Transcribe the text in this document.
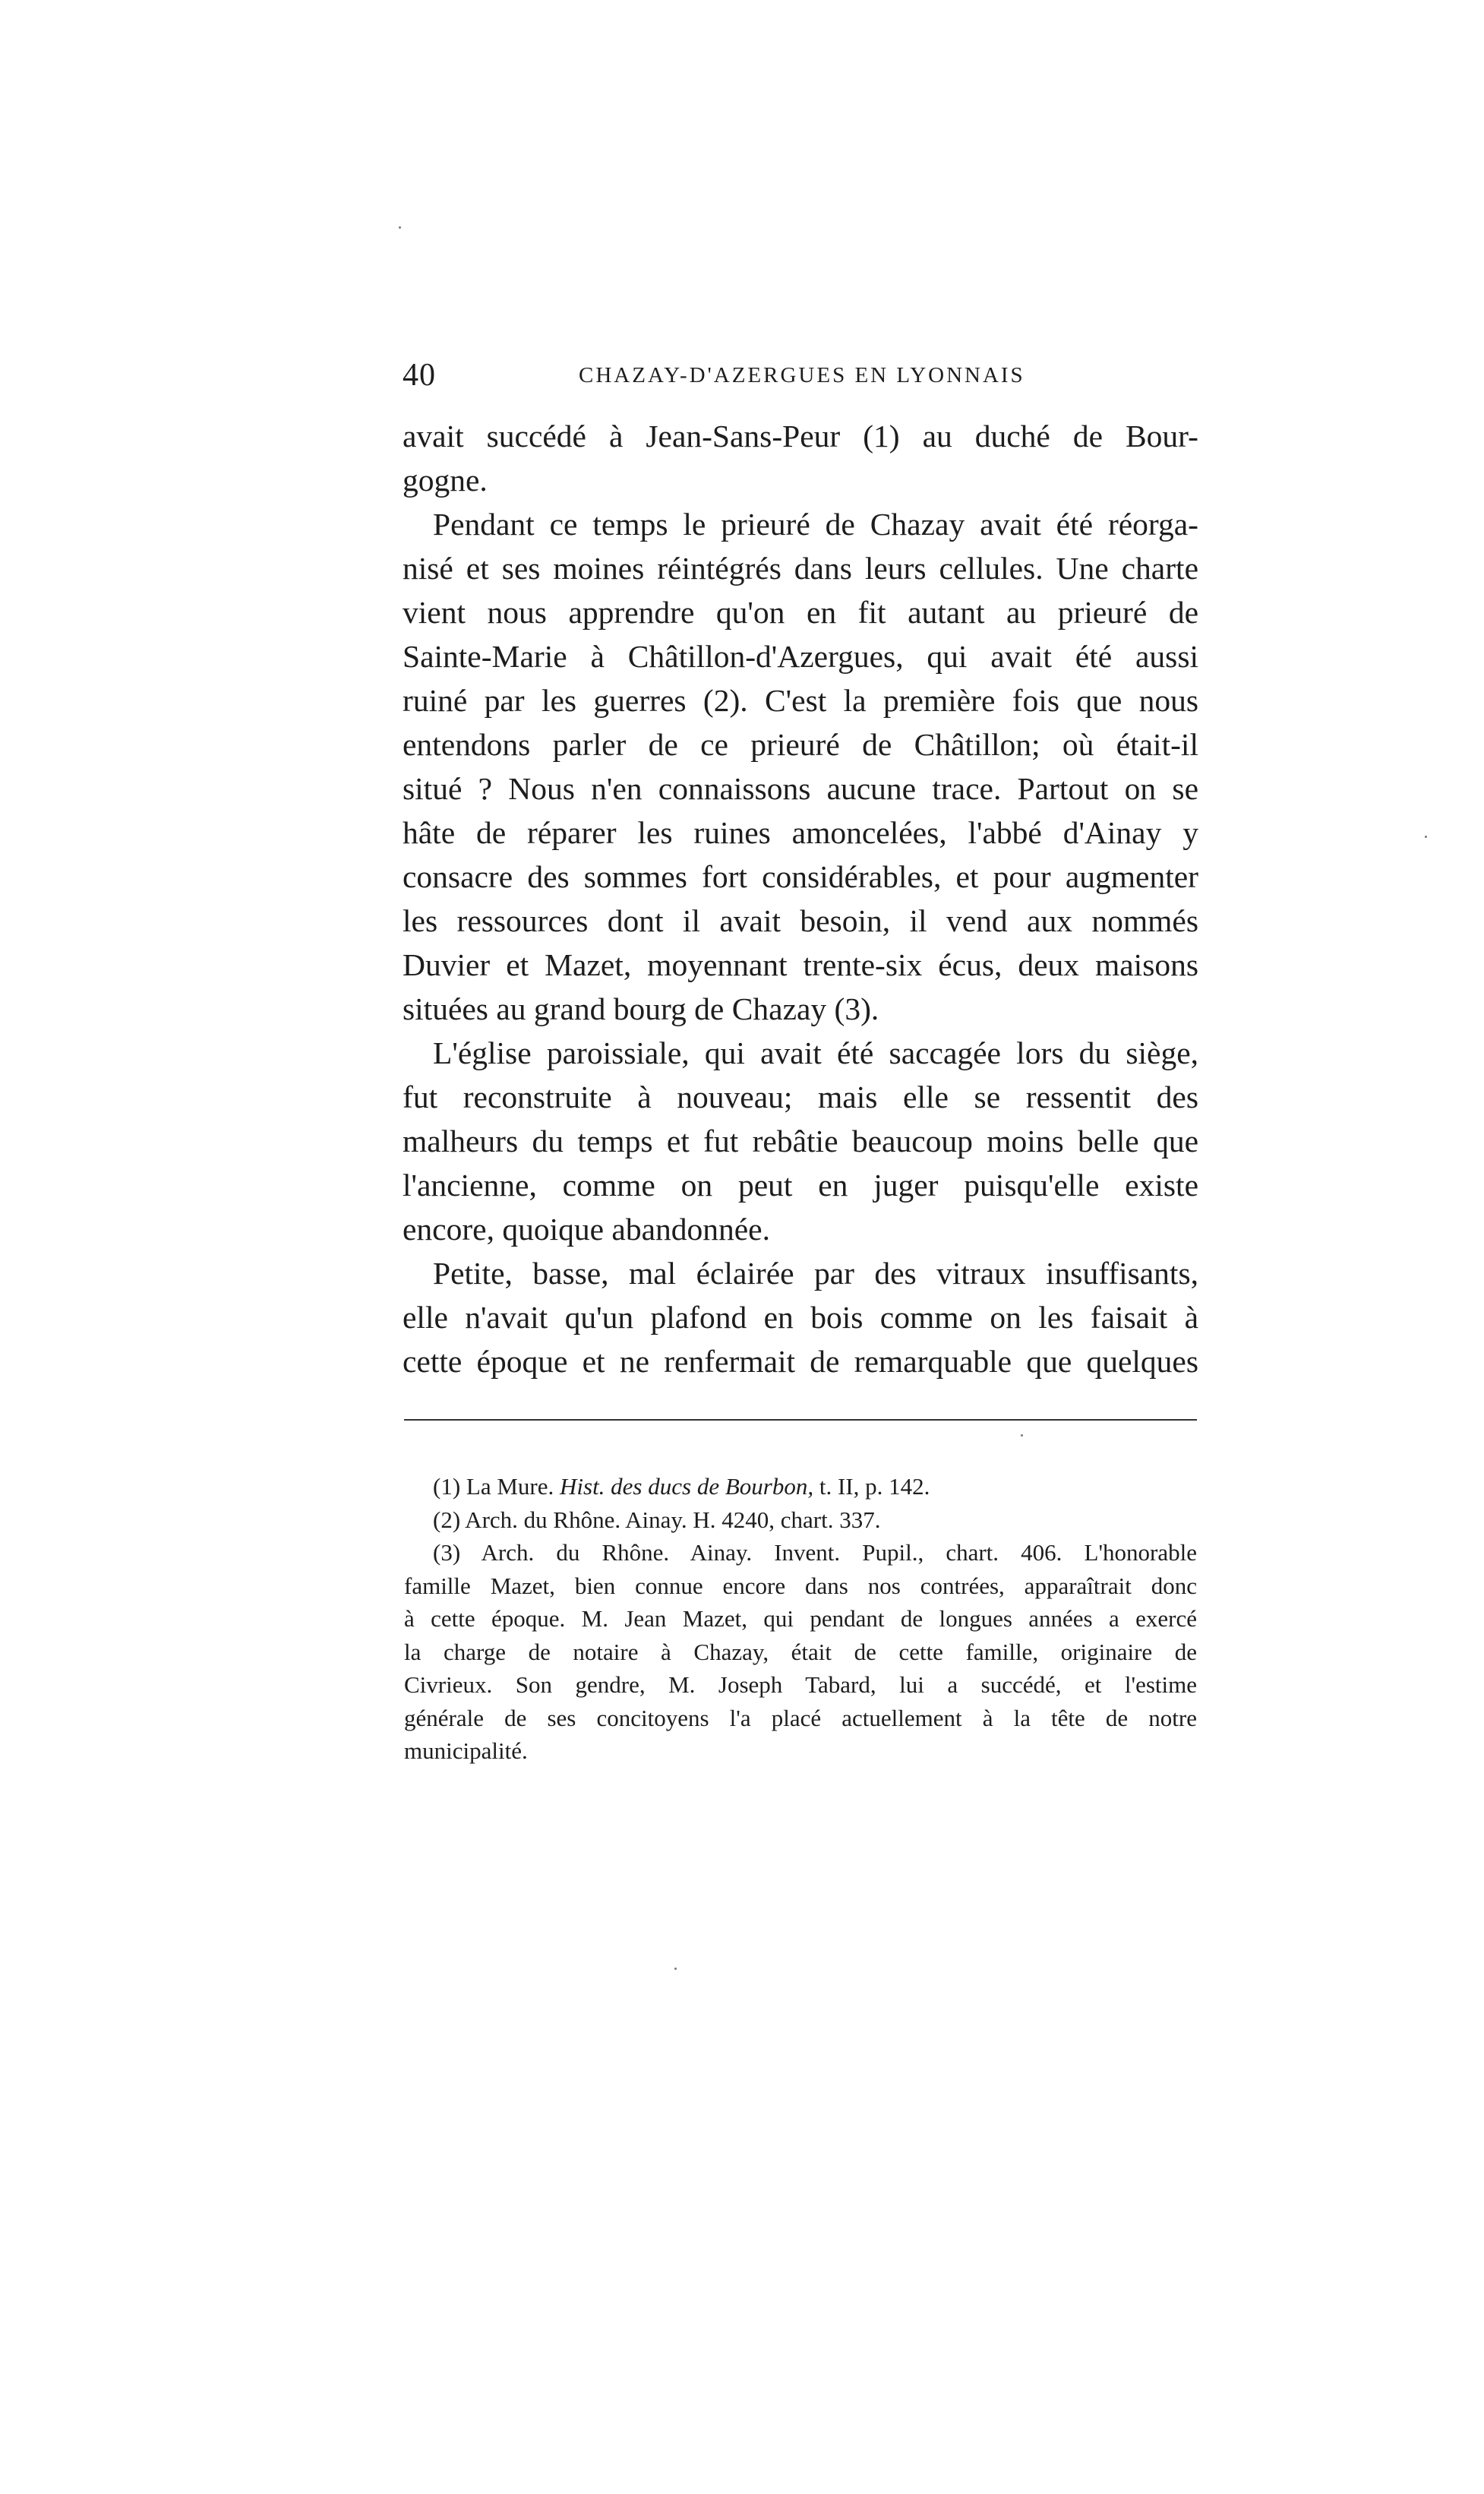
40	CHAZAY-D'AZERGUES EN LYONNAIS
avait succédé à Jean-Sans-Peur (1) au duché de Bour-
gogne.
Pendant ce temps le prieuré de Chazay avait été réorga-
nisé et ses moines réintégrés dans leurs cellules. Une charte
vient nous apprendre qu'on en fit autant au prieuré de
Sainte-Marie à Châtillon-d'Azergues, qui avait été aussi
ruiné par les guerres (2). C'est la première fois que nous
entendons parler de ce prieuré de Châtillon; où était-il
situé ? Nous n'en connaissons aucune trace. Partout on se
hâte de réparer les ruines amoncelées, l'abbé d'Ainay y
consacre des sommes fort considérables, et pour augmenter
les ressources dont il avait besoin, il vend aux nommés
Duvier et Mazet, moyennant trente-six écus, deux maisons
situées au grand bourg de Chazay (3).
L'église paroissiale, qui avait été saccagée lors du siège,
fut reconstruite à nouveau; mais elle se ressentit des
malheurs du temps et fut rebâtie beaucoup moins belle que
l'ancienne, comme on peut en juger puisqu'elle existe
encore, quoique abandonnée.
Petite, basse, mal éclairée par des vitraux insuffisants,
elle n'avait qu'un plafond en bois comme on les faisait à
cette époque et ne renfermait de remarquable que quelques
(1) La Mure. Hist. des ducs de Bourbon, t. II, p. 142.
(2) Arch. du Rhône. Ainay. H. 4240, chart. 337.
(3) Arch. du Rhône. Ainay. Invent. Pupil., chart. 406. L'honorable
famille Mazet, bien connue encore dans nos contrées, apparaîtrait donc
à cette époque. M. Jean Mazet, qui pendant de longues années a exercé
la charge de notaire à Chazay, était de cette famille, originaire de
Civrieux. Son gendre, M. Joseph Tabard, lui a succédé, et l'estime
générale de ses concitoyens l'a placé actuellement à la tête de notre
municipalité.
